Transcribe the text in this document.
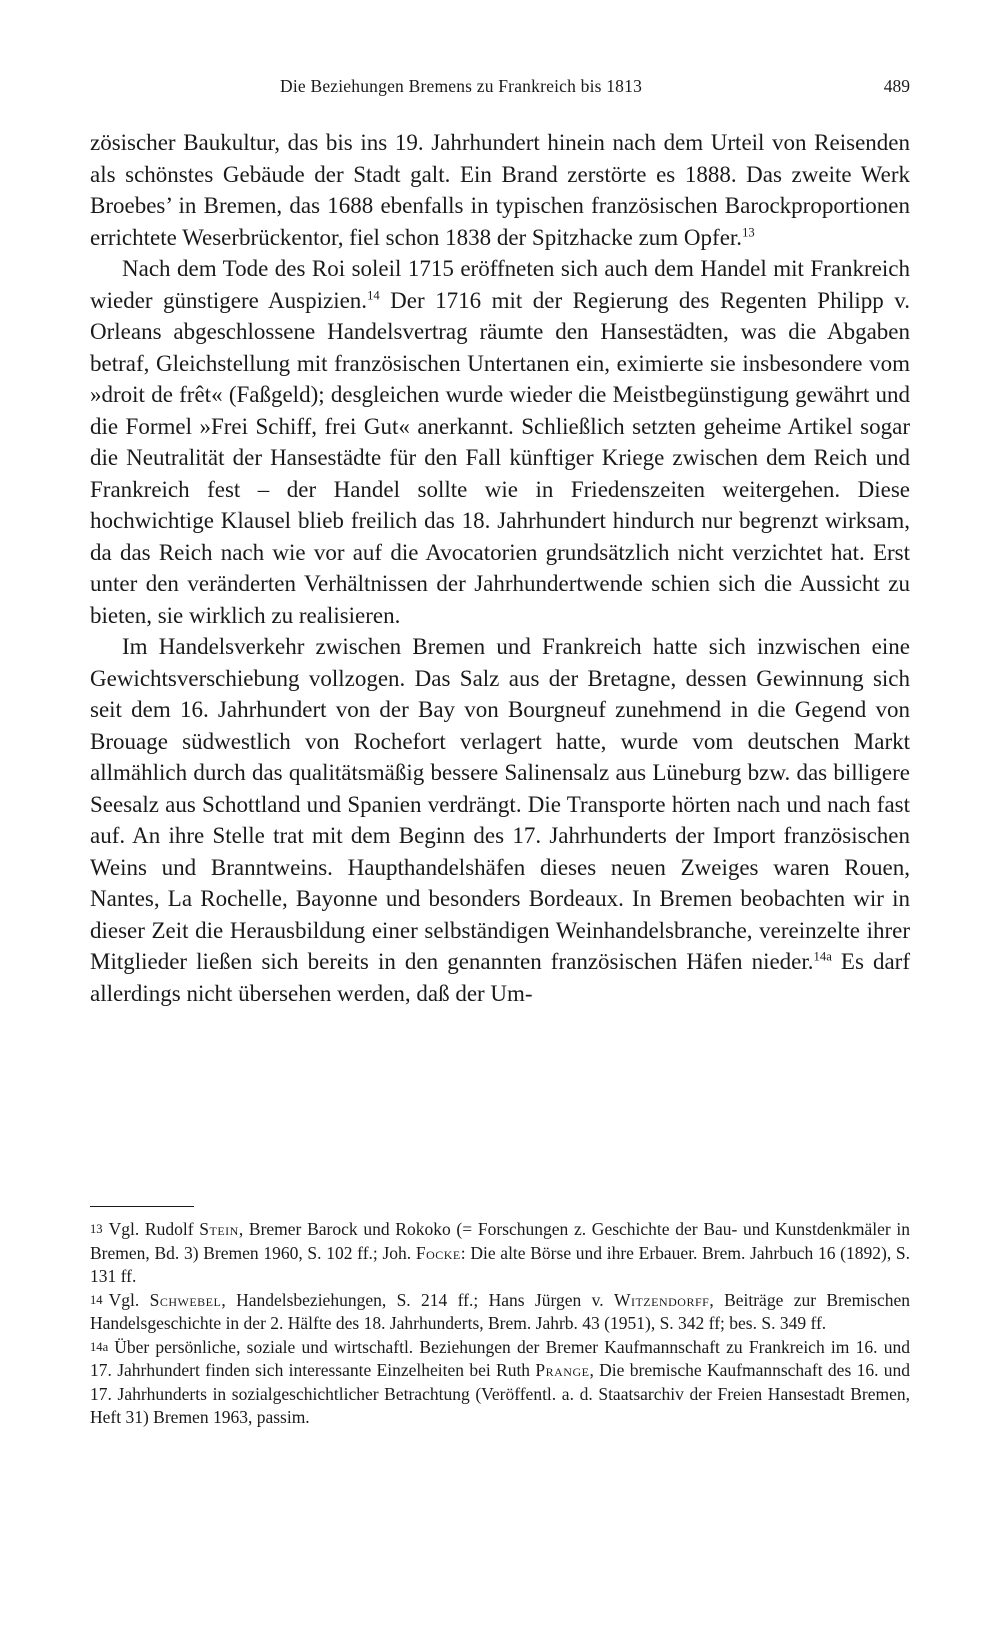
Die Beziehungen Bremens zu Frankreich bis 1813	489

zösischer Baukultur, das bis ins 19. Jahrhundert hinein nach dem Urteil von Reisenden als schönstes Gebäude der Stadt galt. Ein Brand zerstörte es 1888. Das zweite Werk Broebes’ in Bremen, das 1688 ebenfalls in typischen französischen Barockproportionen errichtete Weserbrückentor, fiel schon 1838 der Spitzhacke zum Opfer.$^{13}$

Nach dem Tode des Roi soleil 1715 eröffneten sich auch dem Handel mit Frankreich wieder günstigere Auspizien.$^{14}$ Der 1716 mit der Regierung des Regenten Philipp v. Orleans abgeschlossene Handelsvertrag räumte den Hansestädten, was die Abgaben betraf, Gleichstellung mit französischen Untertanen ein, eximierte sie insbesondere vom »droit de frêt« (Faßgeld); desgleichen wurde wieder die Meistbegünstigung gewährt und die Formel »Frei Schiff, frei Gut« anerkannt. Schließlich setzten geheime Artikel sogar die Neutralität der Hansestädte für den Fall künftiger Kriege zwischen dem Reich und Frankreich fest – der Handel sollte wie in Friedenszeiten weitergehen. Diese hochwichtige Klausel blieb freilich das 18. Jahrhundert hindurch nur begrenzt wirksam, da das Reich nach wie vor auf die Avocatorien grundsätzlich nicht verzichtet hat. Erst unter den veränderten Verhältnissen der Jahrhundertwende schien sich die Aussicht zu bieten, sie wirklich zu realisieren.

Im Handelsverkehr zwischen Bremen und Frankreich hatte sich inzwischen eine Gewichtsverschiebung vollzogen. Das Salz aus der Bretagne, dessen Gewinnung sich seit dem 16. Jahrhundert von der Bay von Bourgneuf zunehmend in die Gegend von Brouage südwestlich von Rochefort verlagert hatte, wurde vom deutschen Markt allmählich durch das qualitätsmäßig bessere Salinensalz aus Lüneburg bzw. das billigere Seesalz aus Schottland und Spanien verdrängt. Die Transporte hörten nach und nach fast auf. An ihre Stelle trat mit dem Beginn des 17. Jahrhunderts der Import französischen Weins und Branntweins. Haupthandelshäfen dieses neuen Zweiges waren Rouen, Nantes, La Rochelle, Bayonne und besonders Bordeaux. In Bremen beobachten wir in dieser Zeit die Herausbildung einer selbständigen Weinhandelsbranche, vereinzelte ihrer Mitglieder ließen sich bereits in den genannten französischen Häfen nieder.$^{14a}$ Es darf allerdings nicht übersehen werden, daß der Um-

13 Vgl. Rudolf Stein, Bremer Barock und Rokoko (= Forschungen z. Geschichte der Bau- und Kunstdenkmäler in Bremen, Bd. 3) Bremen 1960, S. 102 ff.; Joh. Focke: Die alte Börse und ihre Erbauer. Brem. Jahrbuch 16 (1892), S. 131 ff.

14 Vgl. Schwebel, Handelsbeziehungen, S. 214 ff.; Hans Jürgen v. Witzendorff, Beiträge zur Bremischen Handelsgeschichte in der 2. Hälfte des 18. Jahrhunderts, Brem. Jahrb. 43 (1951), S. 342 ff; bes. S. 349 ff.

14a Über persönliche, soziale und wirtschaftl. Beziehungen der Bremer Kaufmannschaft zu Frankreich im 16. und 17. Jahrhundert finden sich interessante Einzelheiten bei Ruth Prange, Die bremische Kaufmannschaft des 16. und 17. Jahrhunderts in sozialgeschichtlicher Betrachtung (Veröffentl. a. d. Staatsarchiv der Freien Hansestadt Bremen, Heft 31) Bremen 1963, passim.
